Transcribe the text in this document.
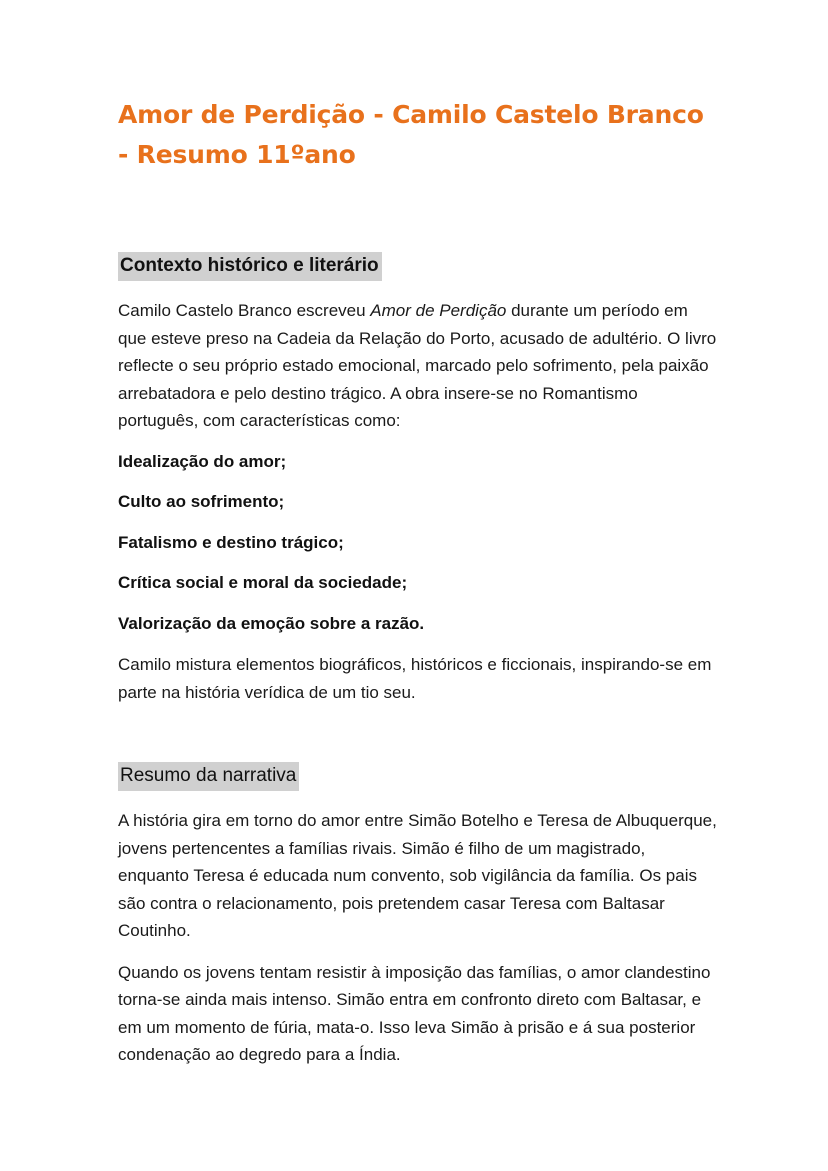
Amor de Perdição - Camilo Castelo Branco - Resumo 11ºano
Contexto histórico e literário

Camilo Castelo Branco escreveu Amor de Perdição durante um período em que esteve preso na Cadeia da Relação do Porto, acusado de adultério. O livro reflecte o seu próprio estado emocional, marcado pelo sofrimento, pela paixão arrebatadora e pelo destino trágico. A obra insere-se no Romantismo português, com características como:

Idealização do amor;

Culto ao sofrimento;

Fatalismo e destino trágico;

Crítica social e moral da sociedade;

Valorização da emoção sobre a razão.

Camilo mistura elementos biográficos, históricos e ficcionais, inspirando-se em parte na história verídica de um tio seu.

Resumo da narrativa

A história gira em torno do amor entre Simão Botelho e Teresa de Albuquerque, jovens pertencentes a famílias rivais. Simão é filho de um magistrado, enquanto Teresa é educada num convento, sob vigilância da família. Os pais são contra o relacionamento, pois pretendem casar Teresa com Baltasar Coutinho.

Quando os jovens tentam resistir à imposição das famílias, o amor clandestino torna-se ainda mais intenso. Simão entra em confronto direto com Baltasar, e em um momento de fúria, mata-o. Isso leva Simão à prisão e á sua posterior condenação ao degredo para a Índia.
